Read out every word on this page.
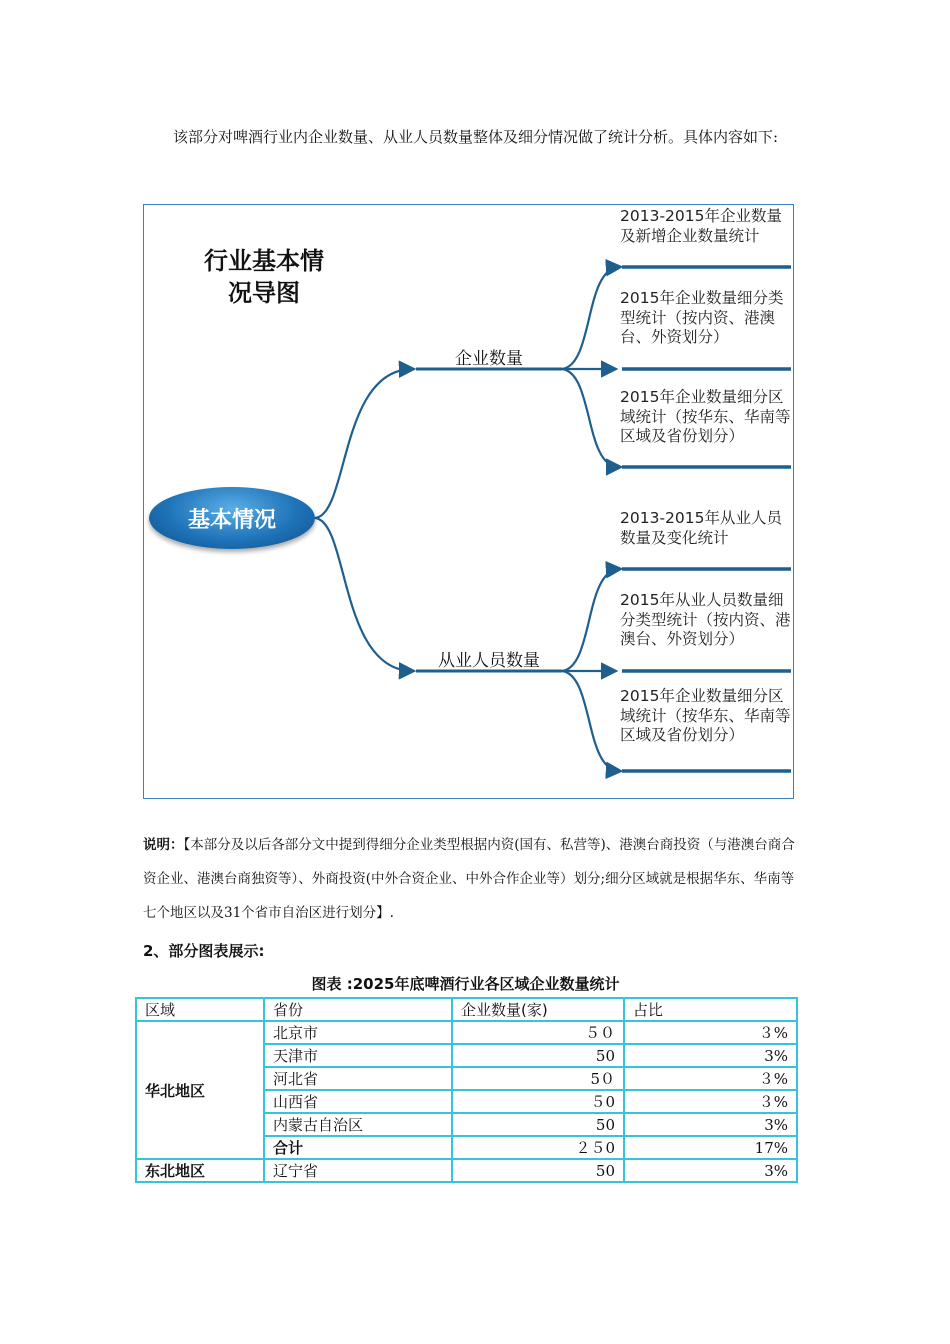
该部分对啤酒行业内企业数量、从业人员数量整体及细分情况做了统计分析。具体内容如下:

行业基本情
况导图
基本情况
企业数量
从业人员数量
2013-2015年企业数量及新增企业数量统计
2015年企业数量细分类型统计（按内资、港澳台、外资划分）
2015年企业数量细分区域统计（按华东、华南等区域及省份划分）
2013-2015年从业人员数量及变化统计
2015年从业人员数量细分类型统计（按内资、港澳台、外资划分）
2015年企业数量细分区域统计（按华东、华南等区域及省份划分）

说明：【本部分及以后各部分文中提到得细分企业类型根据内资(国有、私营等)、港澳台商投资（与港澳台商合资企业、港澳台商独资等）、外商投资(中外合资企业、中外合作企业等）划分;细分区域就是根据华东、华南等七个地区以及31个省市自治区进行划分】.

2、部分图表展示:
图表 :2025年底啤酒行业各区域企业数量统计
区域	省份	企业数量(家)	占比
华北地区	北京市	５０	３%
	天津市	50	3%
	河北省	5０	３%
	山西省	５0	３%
	内蒙古自治区	50	3%
	合计	２５0	17%
东北地区	辽宁省	50	3%
